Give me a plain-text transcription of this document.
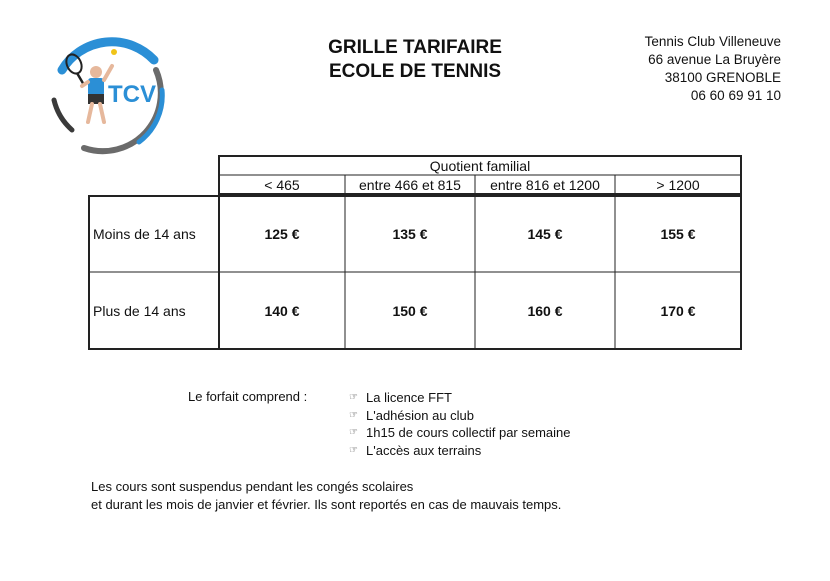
TCV
GRILLE TARIFAIRE
ECOLE DE TENNIS
Tennis Club Villeneuve
66 avenue La Bruyère
38100 GRENOBLE
06 60 69 91 10
Quotient familial
< 465	entre 466 et 815	entre 816 et 1200	> 1200
Moins de 14 ans	125 €	135 €	145 €	155 €
Plus de 14 ans	140 €	150 €	160 €	170 €
Le forfait comprend :	☞ La licence FFT
☞ L'adhésion au club
☞ 1h15 de cours collectif par semaine
☞ L'accès aux terrains
Les cours sont suspendus pendant les congés scolaires
et durant les mois de janvier et février. Ils sont reportés en cas de mauvais temps.
